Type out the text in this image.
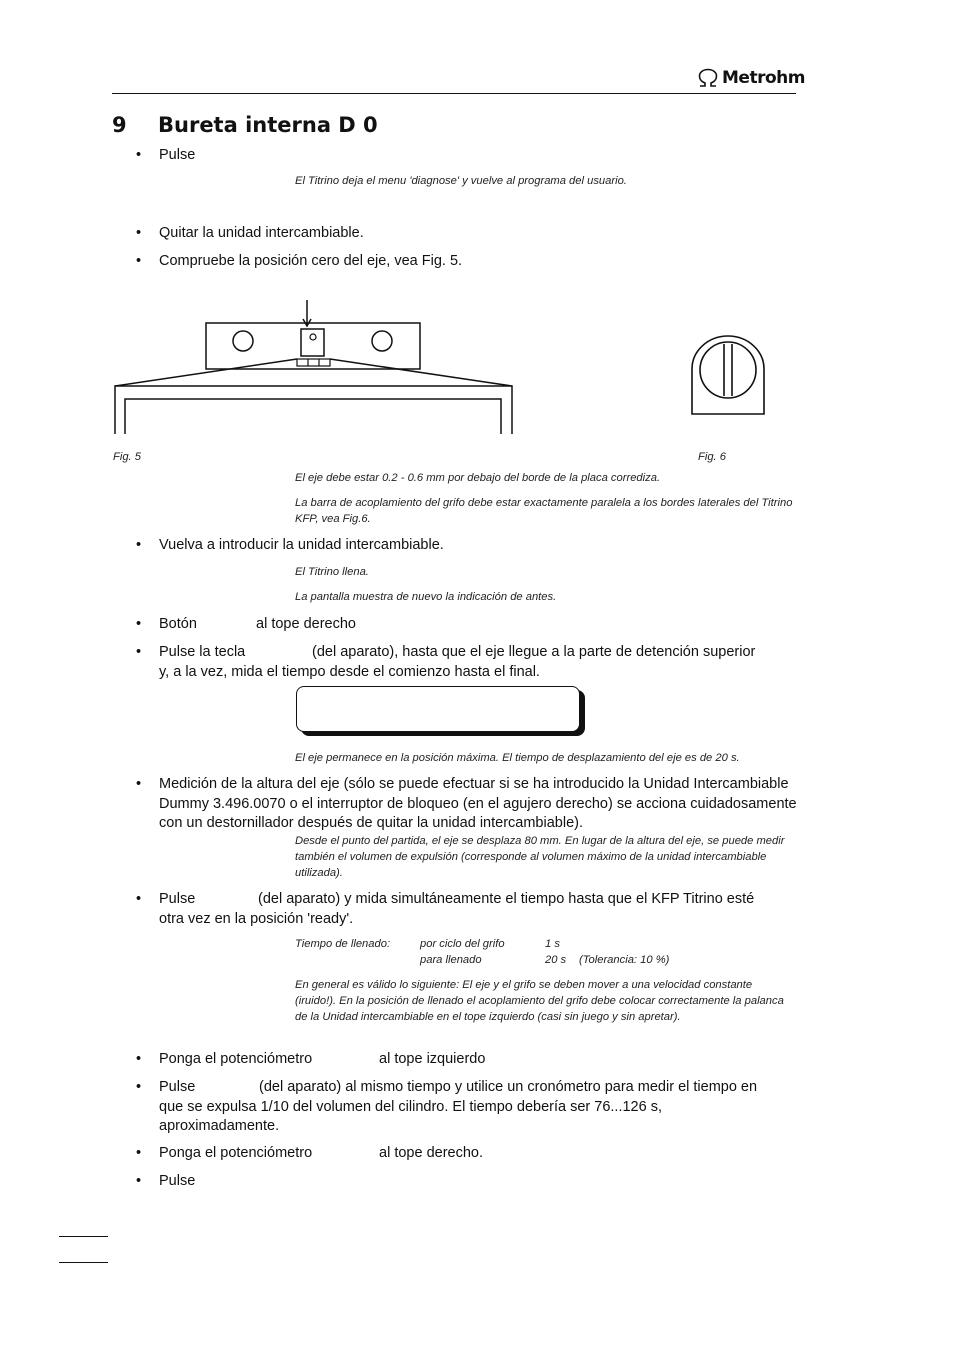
Metrohm
9 Bureta interna D 0
• Pulse
El Titrino deja el menu 'diagnose' y vuelve al programa del usuario.
• Quitar la unidad intercambiable.
• Compruebe la posición cero del eje, vea Fig. 5.
Fig. 5	Fig. 6
El eje debe estar 0.2 - 0.6 mm por debajo del borde de la placa corrediza.
La barra de acoplamiento del grifo debe estar exactamente paralela a los bordes laterales del Titrino KFP, vea Fig.6.
• Vuelva a introducir la unidad intercambiable.
El Titrino llena.
La pantalla muestra de nuevo la indicación de antes.
• Botón	al tope derecho
• Pulse la tecla	(del aparato), hasta que el eje llegue a la parte de detención superior
y, a la vez, mida el tiempo desde el comienzo hasta el final.
El eje permanece en la posición máxima. El tiempo de desplazamiento del eje es de 20 s.
• Medición de la altura del eje (sólo se puede efectuar si se ha introducido la Unidad Intercambiable Dummy 3.496.0070 o el interruptor de bloqueo (en el agujero derecho) se acciona cuidadosamente con un destornillador después de quitar la unidad intercambiable).
Desde el punto del partida, el eje se desplaza 80 mm. En lugar de la altura del eje, se puede medir también el volumen de expulsión (corresponde al volumen máximo de la unidad intercambiable utilizada).
• Pulse	(del aparato) y mida simultáneamente el tiempo hasta que el KFP Titrino esté
otra vez en la posición 'ready'.
Tiempo de llenado:	por ciclo del grifo	1 s
para llenado	20 s (Tolerancia: 10 %)
En general es válido lo siguiente: El eje y el grifo se deben mover a una velocidad constante (iruido!). En la posición de llenado el acoplamiento del grifo debe colocar correctamente la palanca de la Unidad intercambiable en el tope izquierdo (casi sin juego y sin apretar).
• Ponga el potenciómetro	al tope izquierdo
• Pulse	(del aparato) al mismo tiempo y utilice un cronómetro para medir el tiempo en
que se expulsa 1/10 del volumen del cilindro. El tiempo debería ser 76...126 s,
aproximadamente.
• Ponga el potenciómetro	al tope derecho.
• Pulse
